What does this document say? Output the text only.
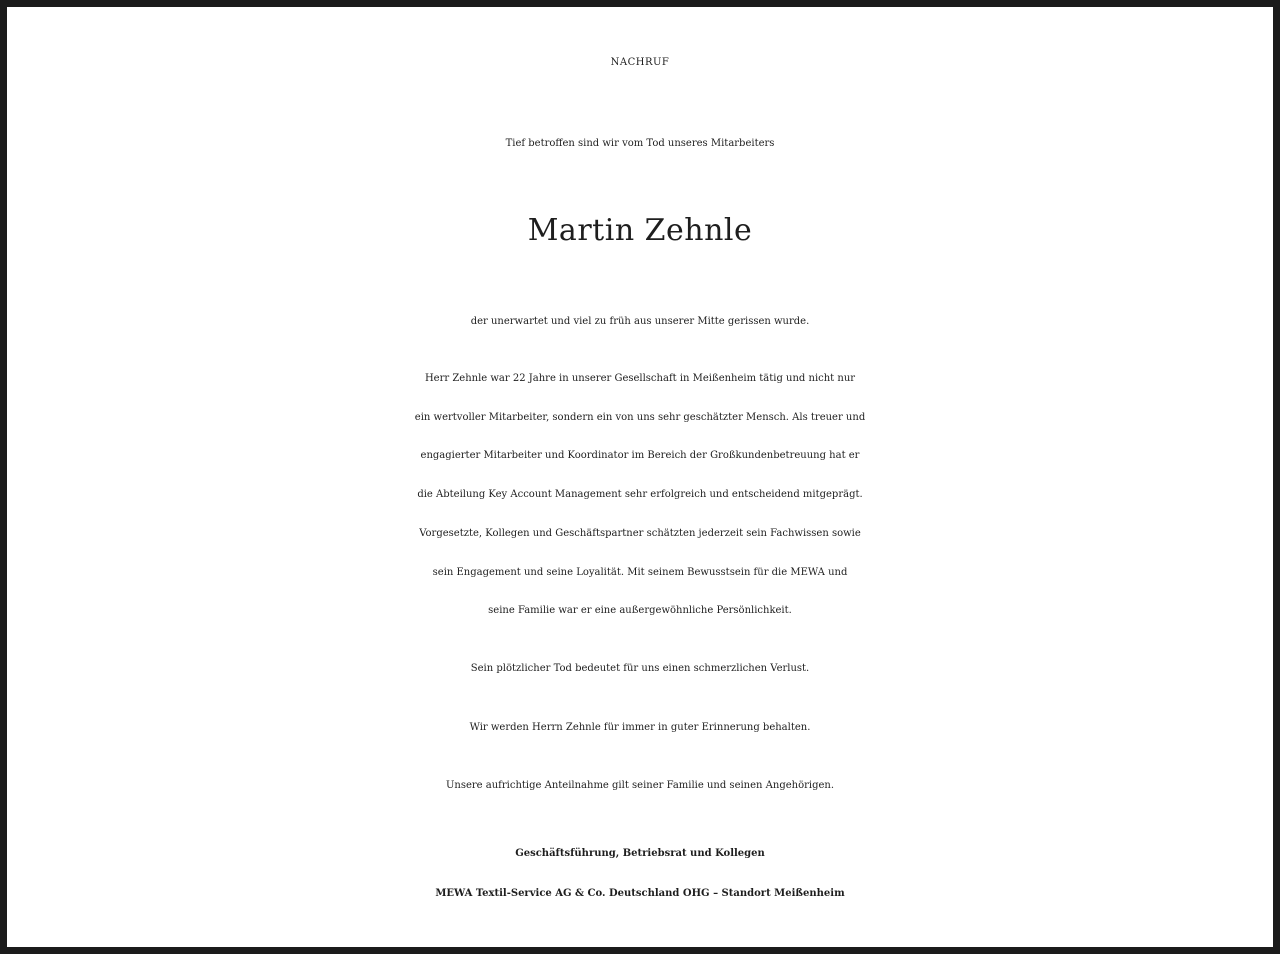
NACHRUF
Tief betroffen sind wir vom Tod unseres Mitarbeiters
Martin Zehnle
der unerwartet und viel zu früh aus unserer Mitte gerissen wurde.
Herr Zehnle war 22 Jahre in unserer Gesellschaft in Meißenheim tätig und nicht nur
ein wertvoller Mitarbeiter, sondern ein von uns sehr geschätzter Mensch. Als treuer und
engagierter Mitarbeiter und Koordinator im Bereich der Großkundenbetreuung hat er
die Abteilung Key Account Management sehr erfolgreich und entscheidend mitgeprägt.
Vorgesetzte, Kollegen und Geschäftspartner schätzten jederzeit sein Fachwissen sowie
sein Engagement und seine Loyalität. Mit seinem Bewusstsein für die MEWA und
seine Familie war er eine außergewöhnliche Persönlichkeit.
Sein plötzlicher Tod bedeutet für uns einen schmerzlichen Verlust.
Wir werden Herrn Zehnle für immer in guter Erinnerung behalten.
Unsere aufrichtige Anteilnahme gilt seiner Familie und seinen Angehörigen.
Geschäftsführung, Betriebsrat und Kollegen
MEWA Textil-Service AG & Co. Deutschland OHG – Standort Meißenheim
